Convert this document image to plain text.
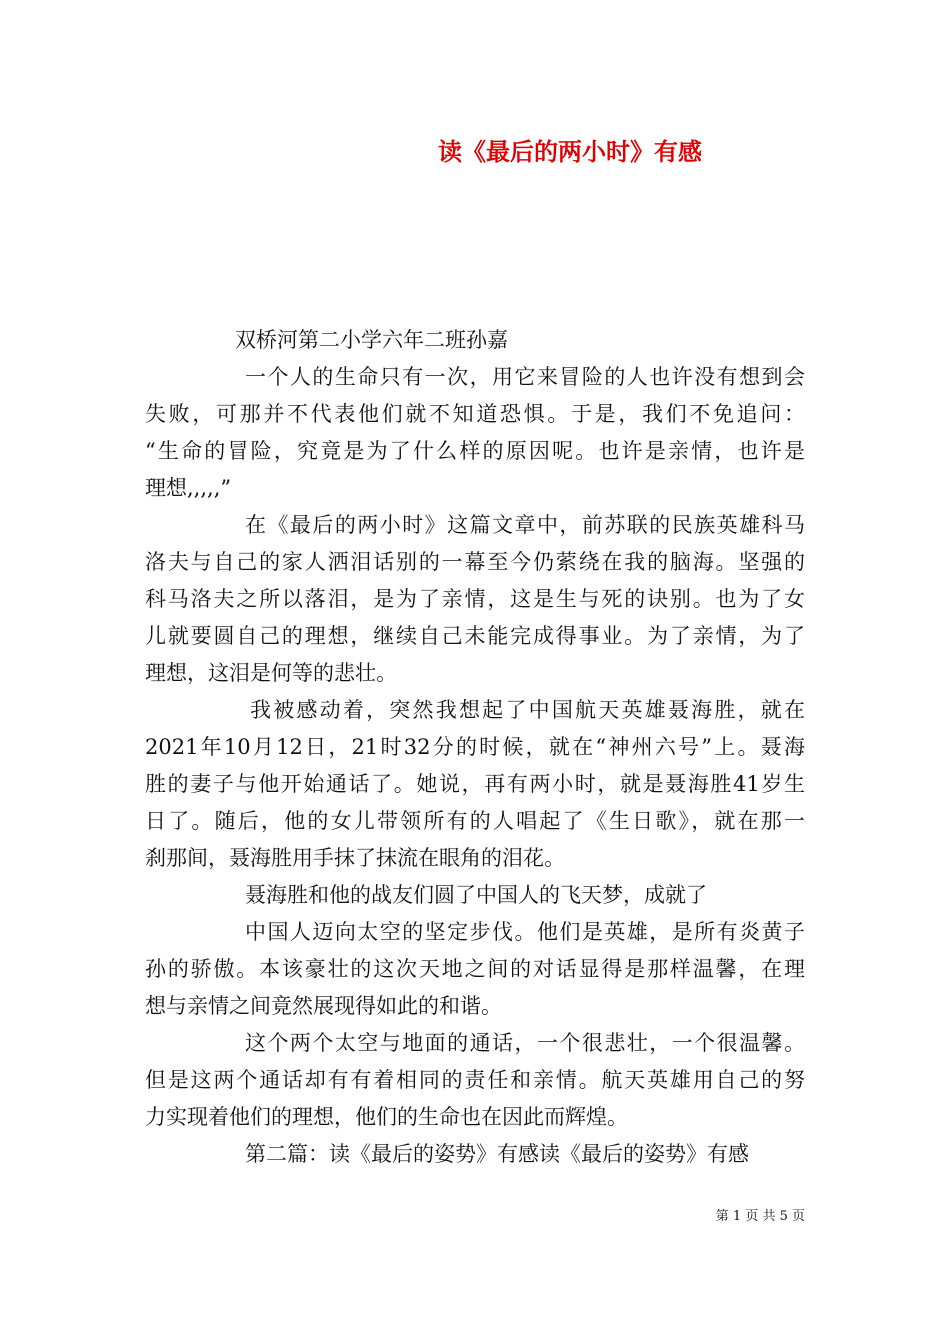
读《最后的两小时》有感
双桥河第二小学六年二班孙嘉
一个人的生命只有一次，用它来冒险的人也许没有想到会
失败，可那并不代表他们就不知道恐惧。于是，我们不免追问：
“生命的冒险，究竟是为了什么样的原因呢。也许是亲情，也许是
理想,,,,,”
在《最后的两小时》这篇文章中，前苏联的民族英雄科马
洛夫与自己的家人洒泪话别的一幕至今仍萦绕在我的脑海。坚强的
科马洛夫之所以落泪，是为了亲情，这是生与死的诀别。也为了女
儿就要圆自己的理想，继续自己未能完成得事业。为了亲情，为了
理想，这泪是何等的悲壮。
我被感动着，突然我想起了中国航天英雄聂海胜，就在
2021年10月12日，21时32分的时候，就在“神州六号”上。聂海
胜的妻子与他开始通话了。她说，再有两小时，就是聂海胜41岁生
日了。随后，他的女儿带领所有的人唱起了《生日歌》，就在那一
刹那间，聂海胜用手抹了抹流在眼角的泪花。
聂海胜和他的战友们圆了中国人的飞天梦，成就了
中国人迈向太空的坚定步伐。他们是英雄，是所有炎黄子
孙的骄傲。本该豪壮的这次天地之间的对话显得是那样温馨，在理
想与亲情之间竟然展现得如此的和谐。
这个两个太空与地面的通话，一个很悲壮，一个很温馨。
但是这两个通话却有有着相同的责任和亲情。航天英雄用自己的努
力实现着他们的理想，他们的生命也在因此而辉煌。
第二篇：读《最后的姿势》有感读《最后的姿势》有感
第 1 页 共 5 页
